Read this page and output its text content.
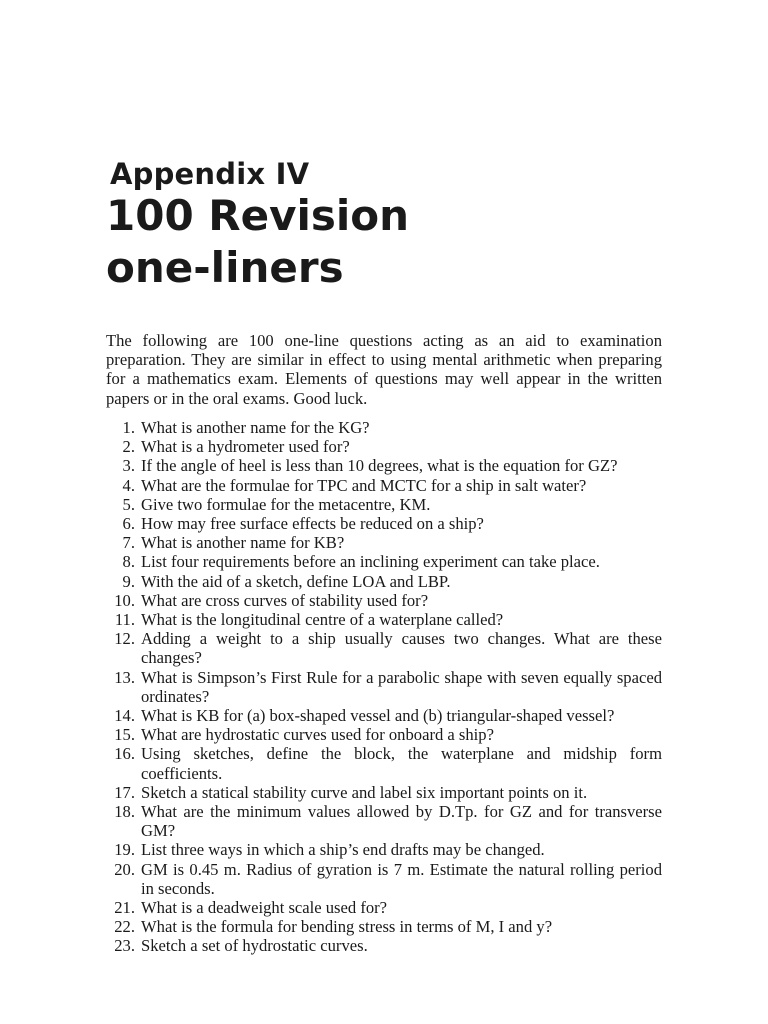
Appendix IV

100 Revision
one-liners

The following are 100 one-line questions acting as an aid to examination preparation. They are similar in effect to using mental arithmetic when preparing for a mathematics exam. Elements of questions may well appear in the written papers or in the oral exams. Good luck.

1. What is another name for the KG?
2. What is a hydrometer used for?
3. If the angle of heel is less than 10 degrees, what is the equation for GZ?
4. What are the formulae for TPC and MCTC for a ship in salt water?
5. Give two formulae for the metacentre, KM.
6. How may free surface effects be reduced on a ship?
7. What is another name for KB?
8. List four requirements before an inclining experiment can take place.
9. With the aid of a sketch, define LOA and LBP.
10. What are cross curves of stability used for?
11. What is the longitudinal centre of a waterplane called?
12. Adding a weight to a ship usually causes two changes. What are these changes?
13. What is Simpson’s First Rule for a parabolic shape with seven equally spaced ordinates?
14. What is KB for (a) box-shaped vessel and (b) triangular-shaped vessel?
15. What are hydrostatic curves used for onboard a ship?
16. Using sketches, define the block, the waterplane and midship form coefficients.
17. Sketch a statical stability curve and label six important points on it.
18. What are the minimum values allowed by D.Tp. for GZ and for transverse GM?
19. List three ways in which a ship’s end drafts may be changed.
20. GM is 0.45 m. Radius of gyration is 7 m. Estimate the natural rolling period in seconds.
21. What is a deadweight scale used for?
22. What is the formula for bending stress in terms of M, I and y?
23. Sketch a set of hydrostatic curves.
